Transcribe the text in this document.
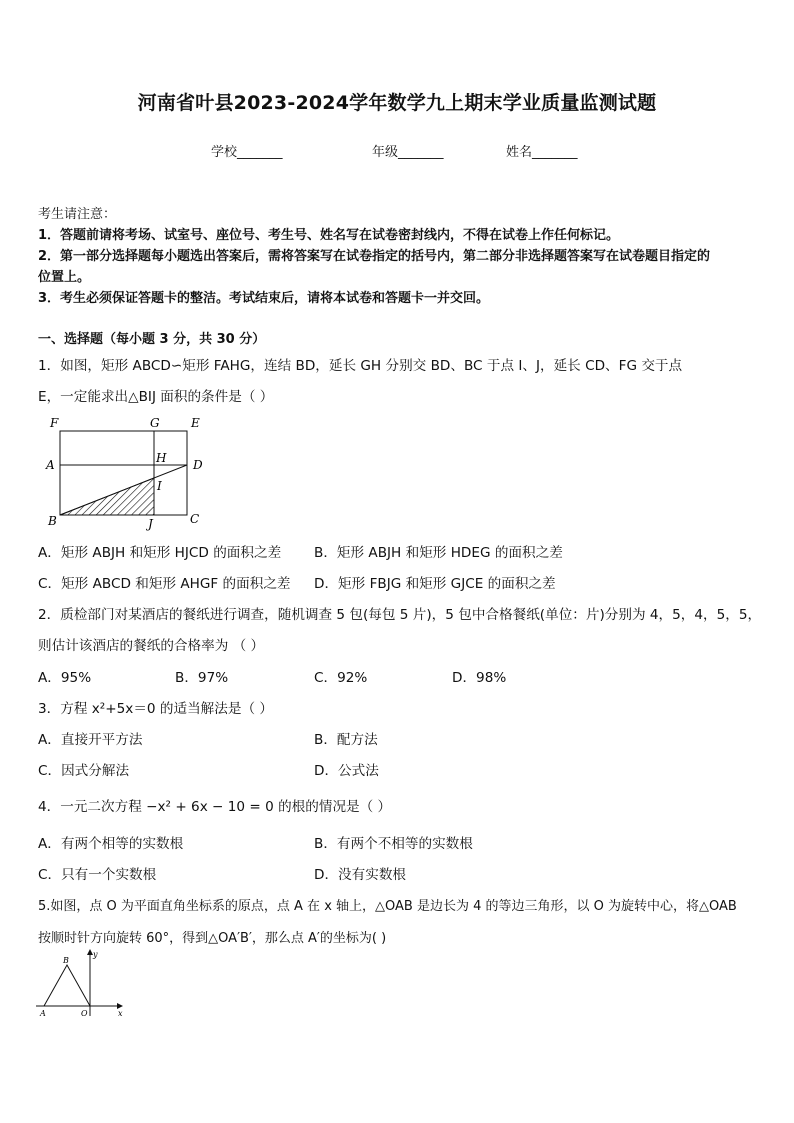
河南省叶县2023-2024学年数学九上期末学业质量监测试题
学校_______	年级_______	姓名_______
考生请注意：
1．答题前请将考场、试室号、座位号、考生号、姓名写在试卷密封线内，不得在试卷上作任何标记。
2．第一部分选择题每小题选出答案后，需将答案写在试卷指定的括号内，第二部分非选择题答案写在试卷题目指定的
位置上。
3．考生必须保证答题卡的整洁。考试结束后，请将本试卷和答题卡一并交回。
一、选择题（每小题 3 分，共 30 分）
1．如图，矩形 ABCD∽矩形 FAHG，连结 BD，延长 GH 分别交 BD、BC 于点 I、J，延长 CD、FG 交于点
E，一定能求出△BIJ 面积的条件是（ ）
F	G	E
A	H D
I
B	J	C
A．矩形 ABJH 和矩形 HJCD 的面积之差 B．矩形 ABJH 和矩形 HDEG 的面积之差
C．矩形 ABCD 和矩形 AHGF 的面积之差 D．矩形 FBJG 和矩形 GJCE 的面积之差
2．质检部门对某酒店的餐纸进行调查，随机调查 5 包(每包 5 片)，5 包中合格餐纸(单位：片)分别为 4，5，4，5，5，
则估计该酒店的餐纸的合格率为 （ ）
A．95%	B．97%	C．92%	D．98%
3．方程 x²+5x＝0 的适当解法是（ ）
A．直接开平方法	B．配方法
C．因式分解法	D．公式法
4．一元二次方程 −x² + 6x − 10 = 0 的根的情况是（ ）
A．有两个相等的实数根	B．有两个不相等的实数根
C．只有一个实数根	D．没有实数根
5.如图，点 O 为平面直角坐标系的原点，点 A 在 x 轴上，△OAB 是边长为 4 的等边三角形，以 O 为旋转中心，将△OAB
按顺时针方向旋转 60°，得到△OA′B′，那么点 A′的坐标为( )
A
B
O	x
y
